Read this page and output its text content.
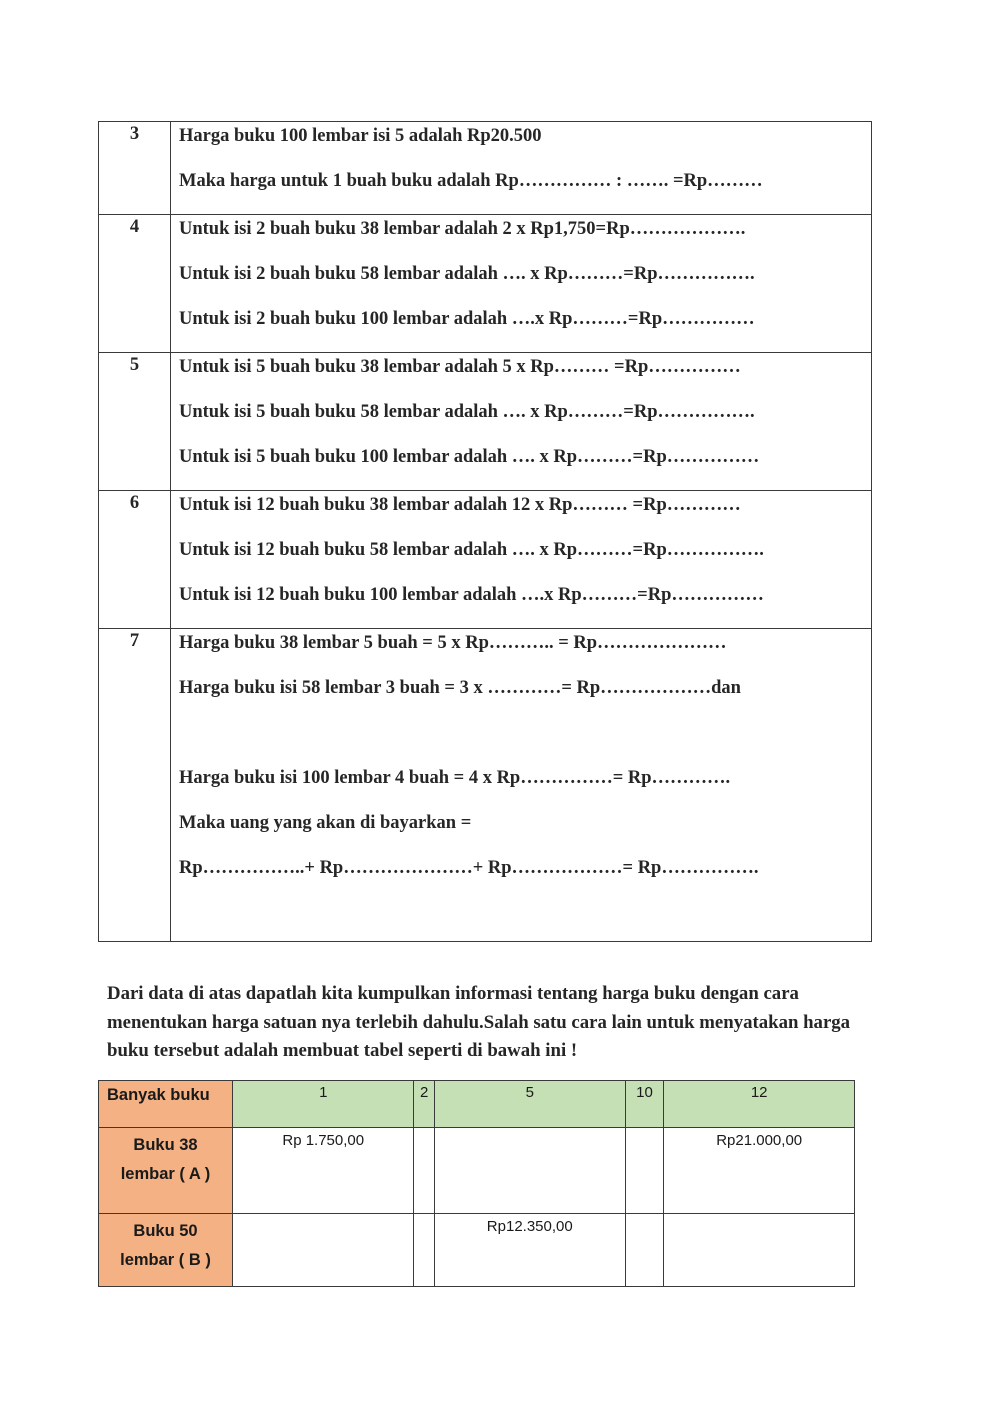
3	Harga buku 100 lembar isi 5 adalah Rp20.500
Maka harga untuk 1 buah buku adalah Rp…………… : ……. =Rp………

4	Untuk isi 2 buah buku 38 lembar adalah 2 x Rp1,750=Rp……………….
Untuk isi 2 buah buku 58 lembar adalah …. x Rp………=Rp…………….
Untuk isi 2 buah buku 100 lembar adalah ….x Rp………=Rp……………

5	Untuk isi 5 buah buku 38 lembar adalah 5 x Rp……… =Rp……………
Untuk isi 5 buah buku 58 lembar adalah …. x Rp………=Rp…………….
Untuk isi 5 buah buku 100 lembar adalah …. x Rp………=Rp……………

6	Untuk isi 12 buah buku 38 lembar adalah 12 x Rp……… =Rp…………
Untuk isi 12 buah buku 58 lembar adalah …. x Rp………=Rp…………….
Untuk isi 12 buah buku 100 lembar adalah ….x Rp………=Rp……………

7	Harga buku 38 lembar 5 buah = 5 x Rp……….. = Rp…………………
Harga buku isi 58 lembar 3 buah = 3 x …………= Rp………………dan
Harga buku isi 100 lembar 4 buah = 4 x Rp……………= Rp………….
Maka uang yang akan di bayarkan =
Rp……………..+ Rp…………………+ Rp………………= Rp…………….

Dari data di atas dapatlah kita kumpulkan informasi tentang harga buku dengan cara menentukan harga satuan nya terlebih dahulu.Salah satu cara lain untuk menyatakan harga buku tersebut adalah membuat tabel seperti di bawah ini !

Banyak buku	1	2	5	10	12

Buku 38
lembar ( A )	Rp 1.750,00				Rp21.000,00

Buku 50
lembar ( B )			Rp12.350,00		
